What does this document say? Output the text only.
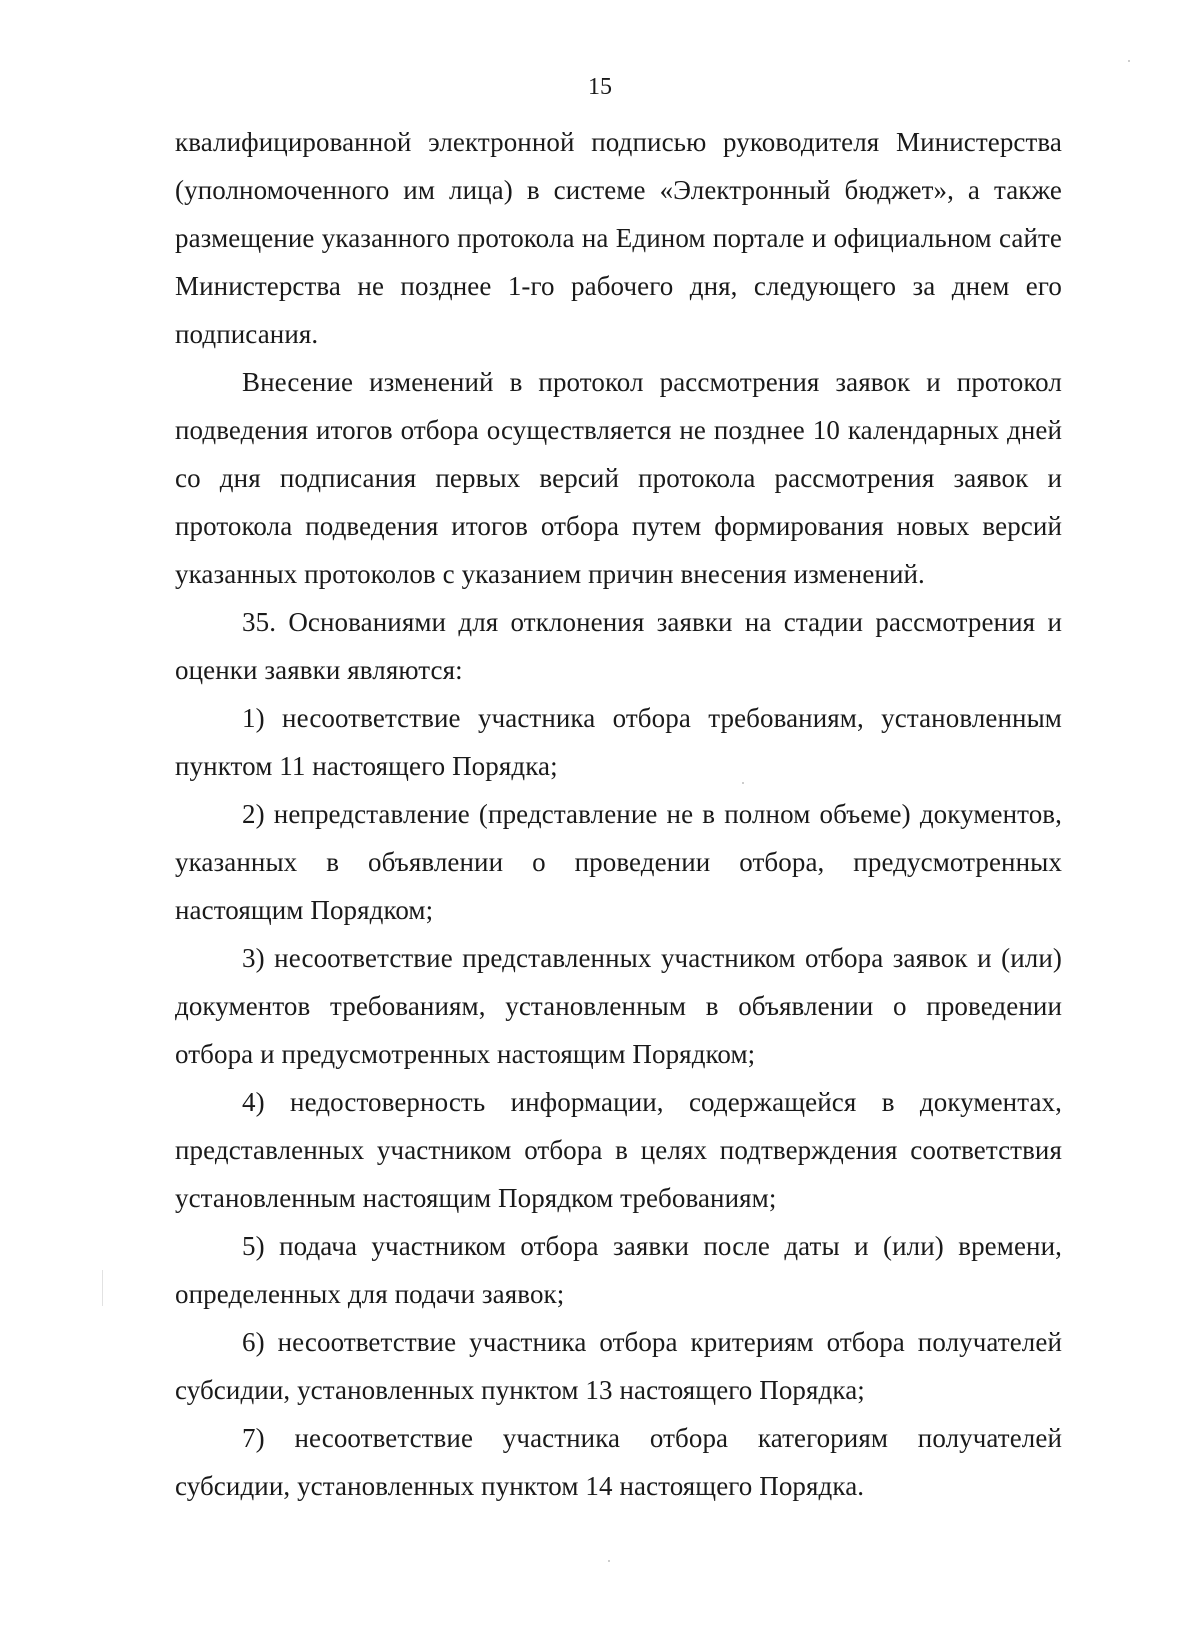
15

квалифицированной электронной подписью руководителя Министерства (уполномоченного им лица) в системе «Электронный бюджет», а также размещение указанного протокола на Едином портале и официальном сайте Министерства не позднее 1-го рабочего дня, следующего за днем его подписания.

Внесение изменений в протокол рассмотрения заявок и протокол подведения итогов отбора осуществляется не позднее 10 календарных дней со дня подписания первых версий протокола рассмотрения заявок и протокола подведения итогов отбора путем формирования новых версий указанных протоколов с указанием причин внесения изменений.

35. Основаниями для отклонения заявки на стадии рассмотрения и оценки заявки являются:

1) несоответствие участника отбора требованиям, установленным пунктом 11 настоящего Порядка;

2) непредставление (представление не в полном объеме) документов, указанных в объявлении о проведении отбора, предусмотренных настоящим Порядком;

3) несоответствие представленных участником отбора заявок и (или) документов требованиям, установленным в объявлении о проведении отбора и предусмотренных настоящим Порядком;

4) недостоверность информации, содержащейся в документах, представленных участником отбора в целях подтверждения соответствия установленным настоящим Порядком требованиям;

5) подача участником отбора заявки после даты и (или) времени, определенных для подачи заявок;

6) несоответствие участника отбора критериям отбора получателей субсидии, установленных пунктом 13 настоящего Порядка;

7) несоответствие участника отбора категориям получателей субсидии, установленных пунктом 14 настоящего Порядка.
